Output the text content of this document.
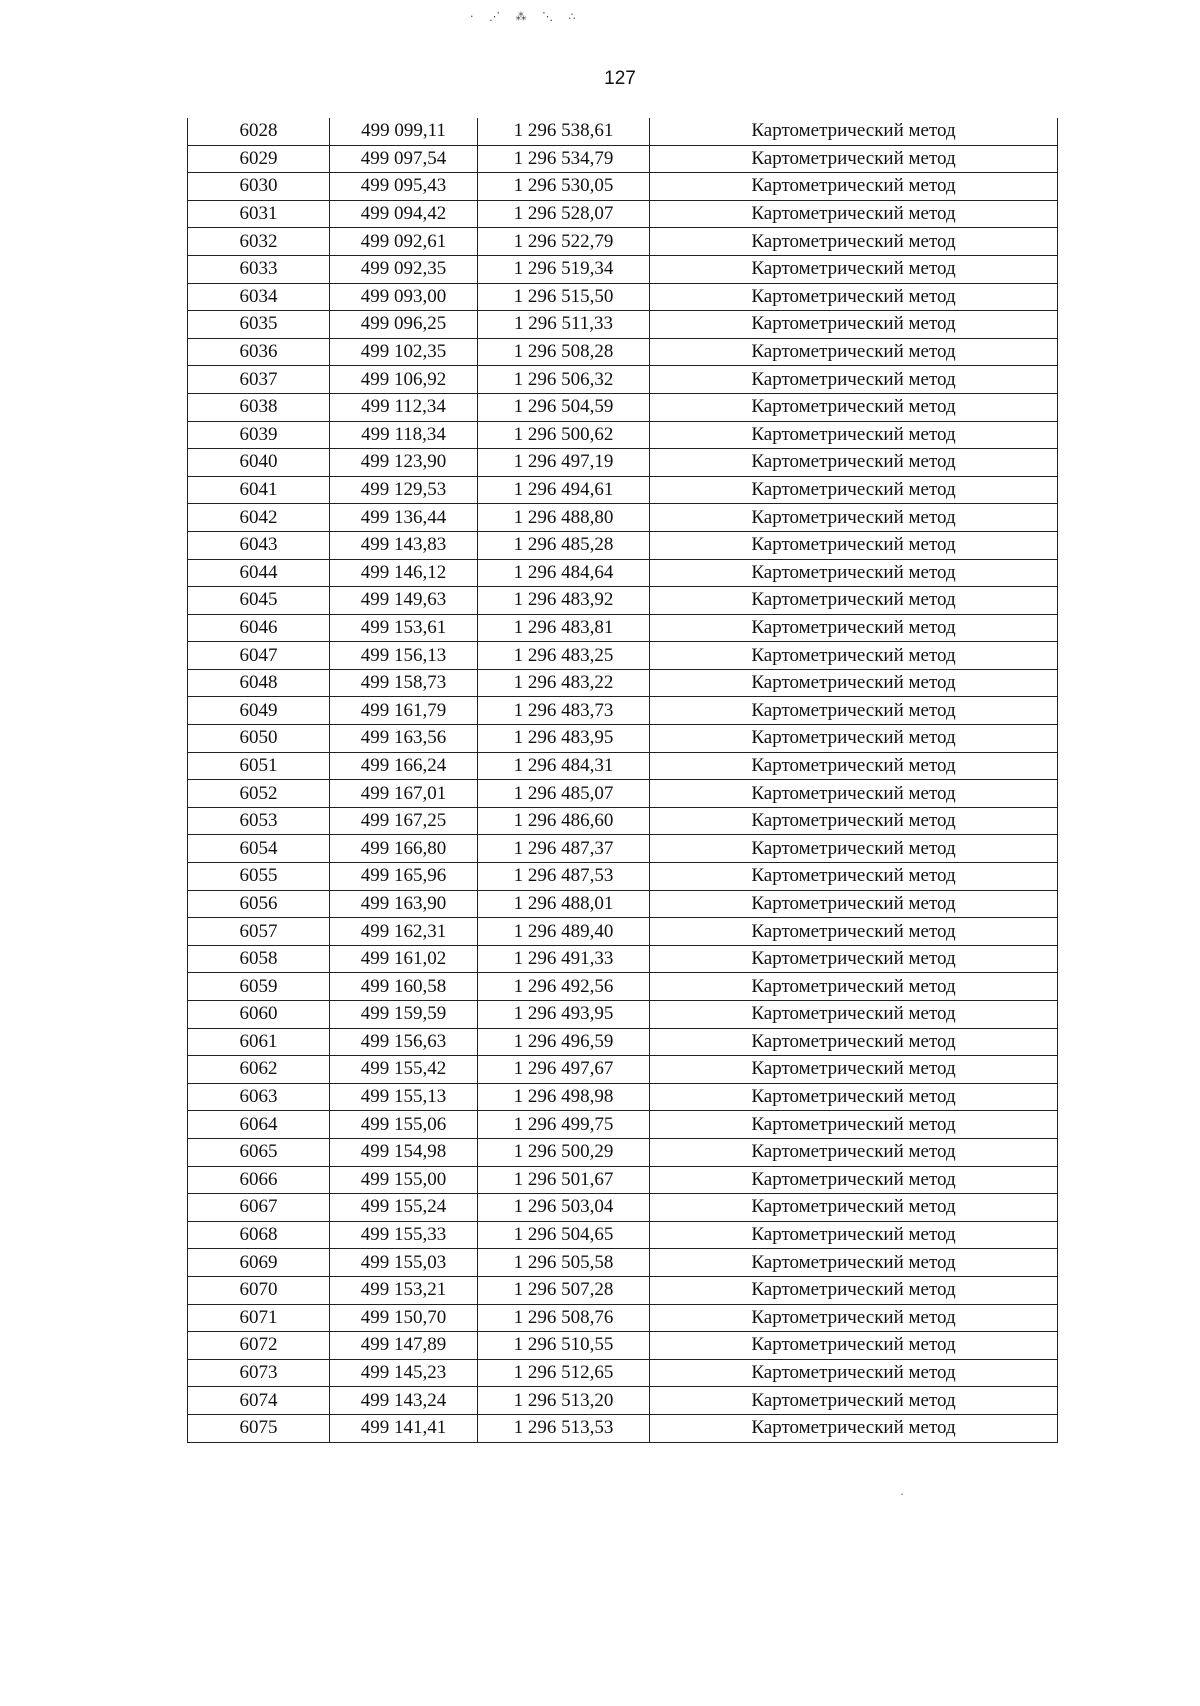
· ⋰ ⁂ ⋱ ∴
127
6028	499 099,11	1 296 538,61	Картометрический метод
6029	499 097,54	1 296 534,79	Картометрический метод
6030	499 095,43	1 296 530,05	Картометрический метод
6031	499 094,42	1 296 528,07	Картометрический метод
6032	499 092,61	1 296 522,79	Картометрический метод
6033	499 092,35	1 296 519,34	Картометрический метод
6034	499 093,00	1 296 515,50	Картометрический метод
6035	499 096,25	1 296 511,33	Картометрический метод
6036	499 102,35	1 296 508,28	Картометрический метод
6037	499 106,92	1 296 506,32	Картометрический метод
6038	499 112,34	1 296 504,59	Картометрический метод
6039	499 118,34	1 296 500,62	Картометрический метод
6040	499 123,90	1 296 497,19	Картометрический метод
6041	499 129,53	1 296 494,61	Картометрический метод
6042	499 136,44	1 296 488,80	Картометрический метод
6043	499 143,83	1 296 485,28	Картометрический метод
6044	499 146,12	1 296 484,64	Картометрический метод
6045	499 149,63	1 296 483,92	Картометрический метод
6046	499 153,61	1 296 483,81	Картометрический метод
6047	499 156,13	1 296 483,25	Картометрический метод
6048	499 158,73	1 296 483,22	Картометрический метод
6049	499 161,79	1 296 483,73	Картометрический метод
6050	499 163,56	1 296 483,95	Картометрический метод
6051	499 166,24	1 296 484,31	Картометрический метод
6052	499 167,01	1 296 485,07	Картометрический метод
6053	499 167,25	1 296 486,60	Картометрический метод
6054	499 166,80	1 296 487,37	Картометрический метод
6055	499 165,96	1 296 487,53	Картометрический метод
6056	499 163,90	1 296 488,01	Картометрический метод
6057	499 162,31	1 296 489,40	Картометрический метод
6058	499 161,02	1 296 491,33	Картометрический метод
6059	499 160,58	1 296 492,56	Картометрический метод
6060	499 159,59	1 296 493,95	Картометрический метод
6061	499 156,63	1 296 496,59	Картометрический метод
6062	499 155,42	1 296 497,67	Картометрический метод
6063	499 155,13	1 296 498,98	Картометрический метод
6064	499 155,06	1 296 499,75	Картометрический метод
6065	499 154,98	1 296 500,29	Картометрический метод
6066	499 155,00	1 296 501,67	Картометрический метод
6067	499 155,24	1 296 503,04	Картометрический метод
6068	499 155,33	1 296 504,65	Картометрический метод
6069	499 155,03	1 296 505,58	Картометрический метод
6070	499 153,21	1 296 507,28	Картометрический метод
6071	499 150,70	1 296 508,76	Картометрический метод
6072	499 147,89	1 296 510,55	Картометрический метод
6073	499 145,23	1 296 512,65	Картометрический метод
6074	499 143,24	1 296 513,20	Картометрический метод
6075	499 141,41	1 296 513,53	Картометрический метод
·
